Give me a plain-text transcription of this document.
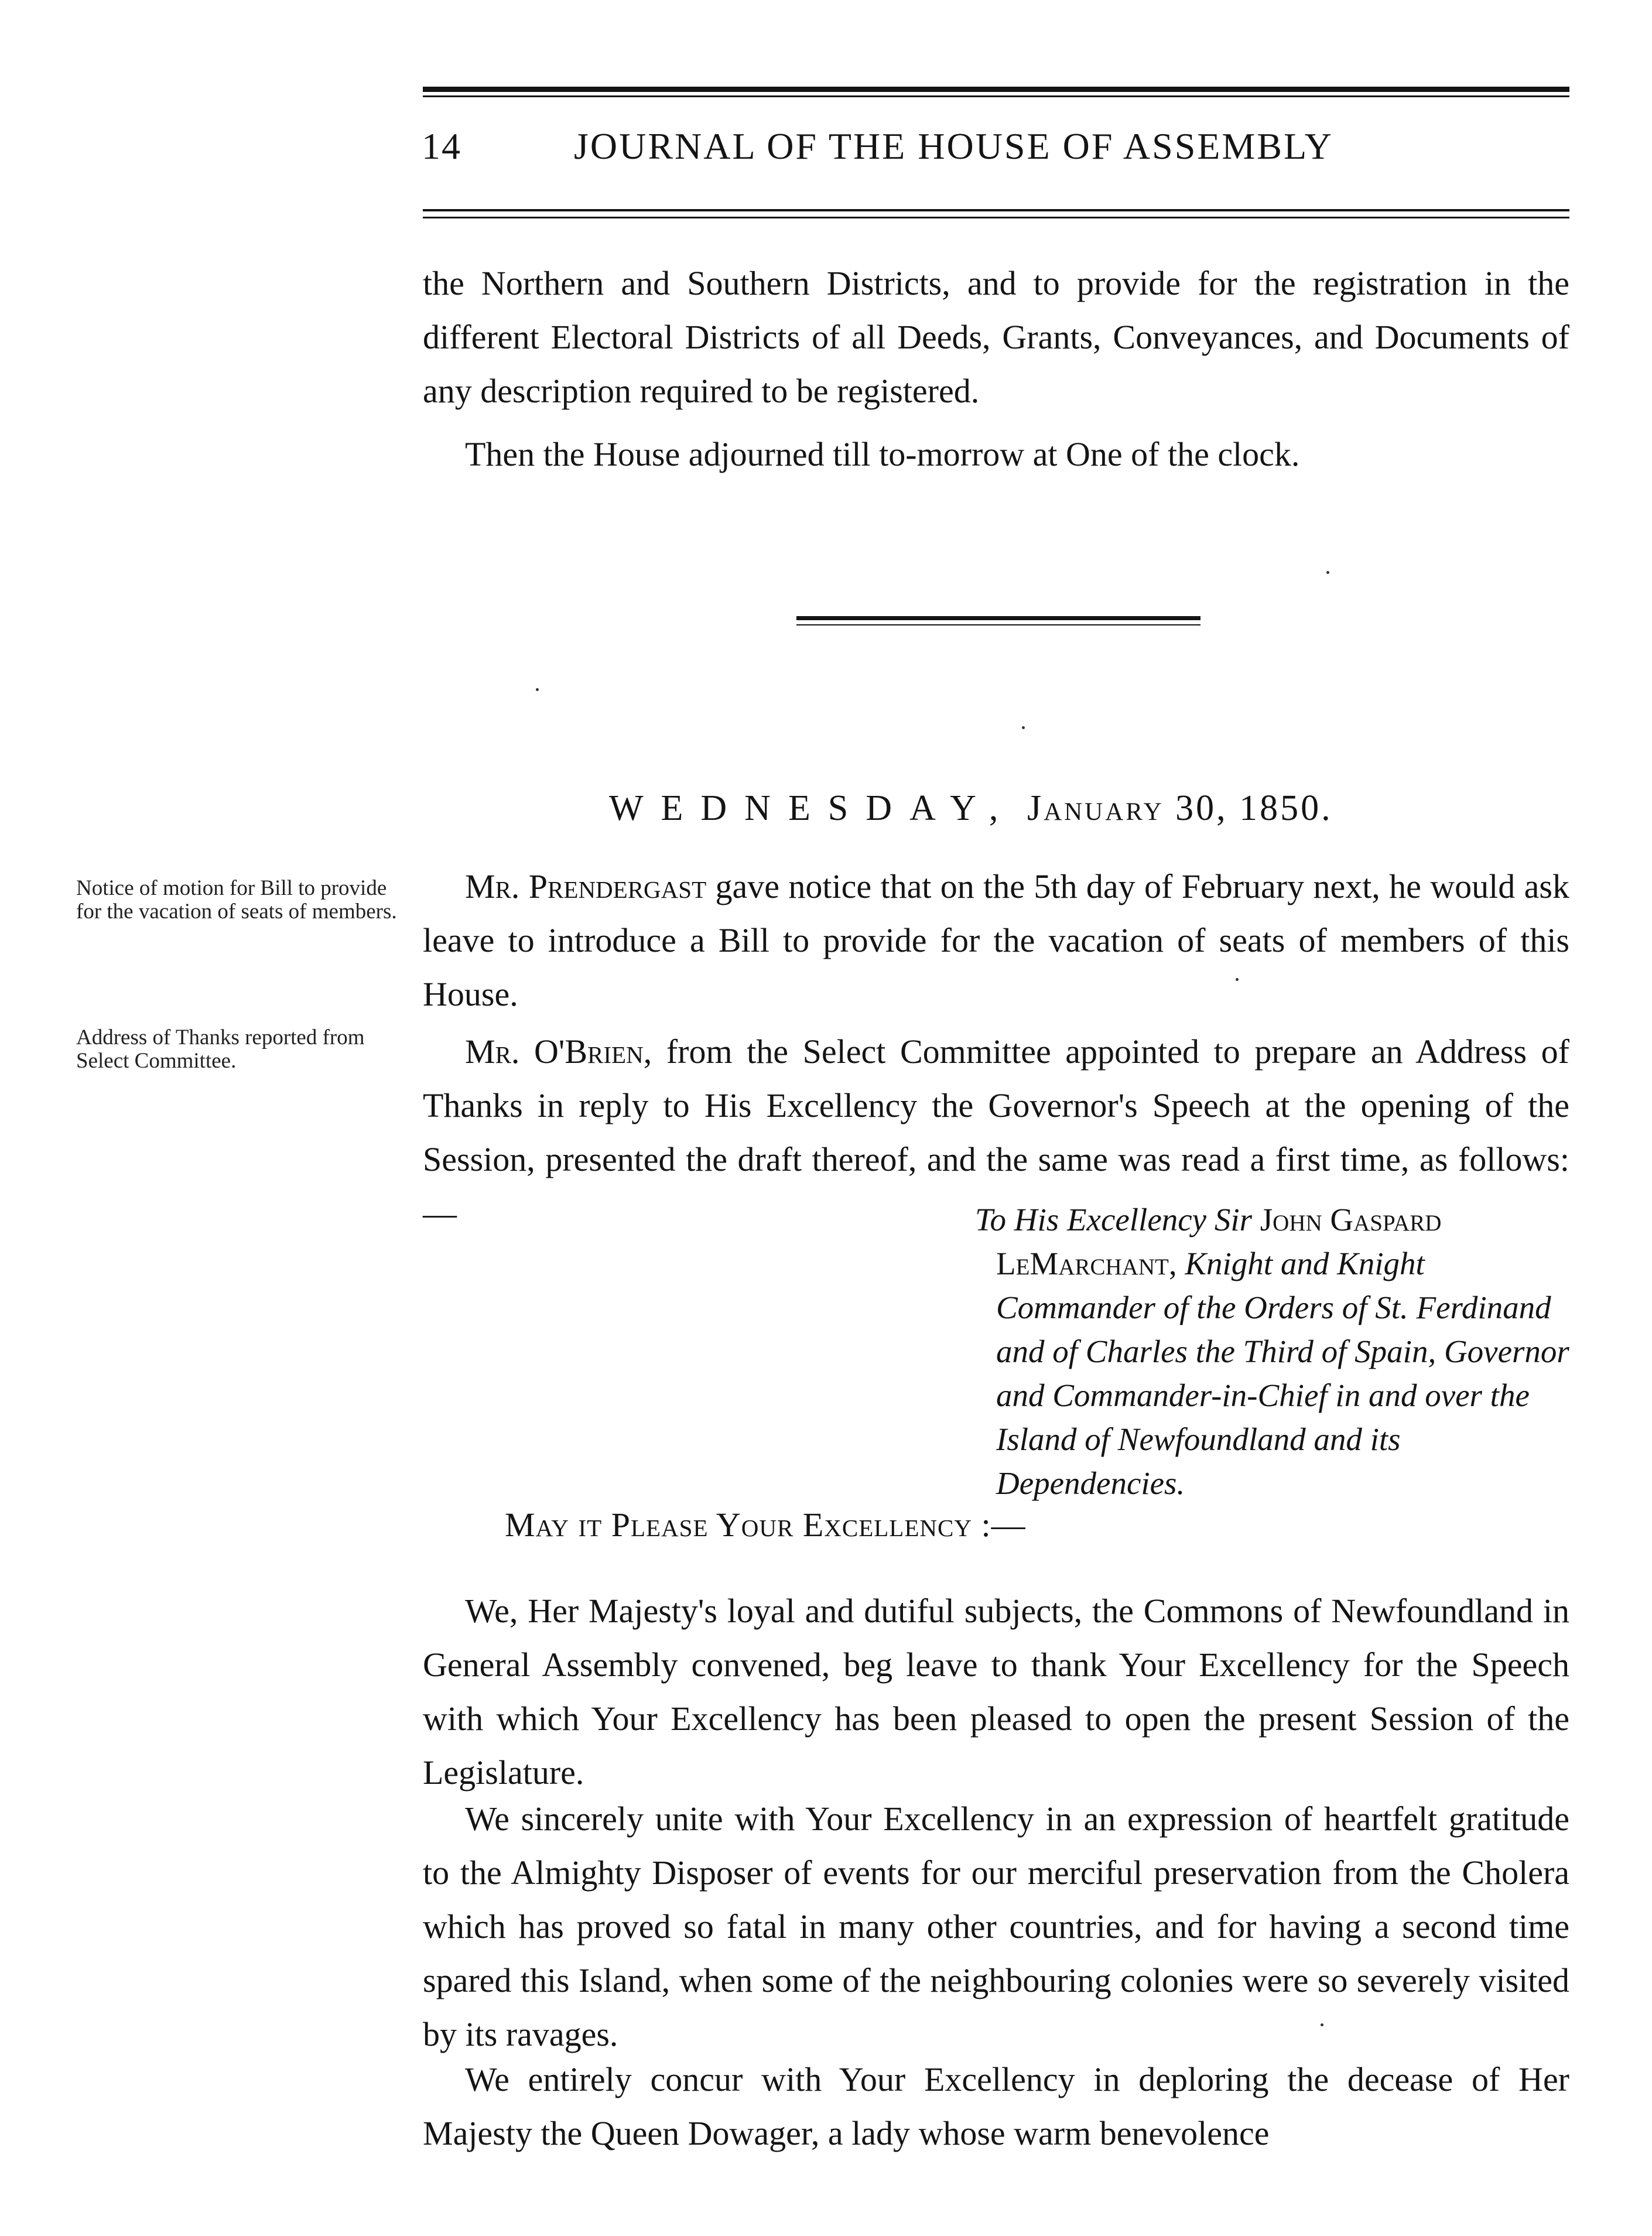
14	JOURNAL OF THE HOUSE OF ASSEMBLY
the Northern and Southern Districts, and to provide for the registration in the different Electoral Districts of all Deeds, Grants, Conveyances, and Documents of any description required to be registered.
Then the House adjourned till to-morrow at One of the clock.
WEDNESDAY, January 30, 1850.
Notice of motion for Bill to provide for the vacation of seats of members.
Address of Thanks reported from Select Committee.
Mr. Prendergast gave notice that on the 5th day of February next, he would ask leave to introduce a Bill to provide for the vacation of seats of members of this House.
Mr. O'Brien, from the Select Committee appointed to prepare an Address of Thanks in reply to His Excellency the Governor's Speech at the opening of the Session, presented the draft thereof, and the same was read a first time, as follows:—	To His Excellency Sir John Gaspard LeMarchant, Knight and Knight Commander of the Orders of St. Ferdinand and of Charles the Third of Spain, Governor and Commander-in-Chief in and over the Island of Newfoundland and its Dependencies.
May it Please Your Excellency :—
We, Her Majesty's loyal and dutiful subjects, the Commons of Newfoundland in General Assembly convened, beg leave to thank Your Excellency for the Speech with which Your Excellency has been pleased to open the present Session of the Legislature.
We sincerely unite with Your Excellency in an expression of heartfelt gratitude to the Almighty Disposer of events for our merciful preservation from the Cholera which has proved so fatal in many other countries, and for having a second time spared this Island, when some of the neighbouring colonies were so severely visited by its ravages.
We entirely concur with Your Excellency in deploring the decease of Her Majesty the Queen Dowager, a lady whose warm benevolence
